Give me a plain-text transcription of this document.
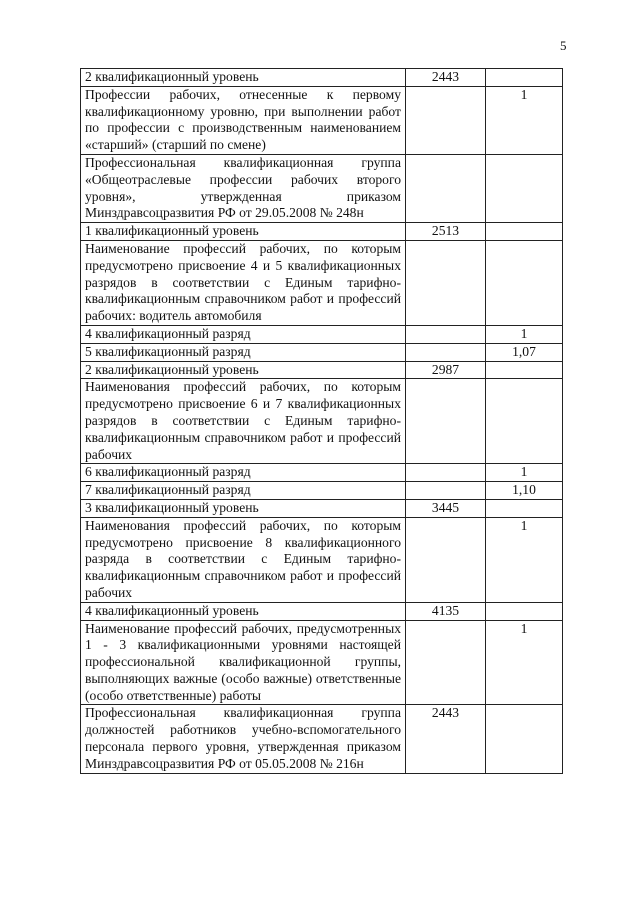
5
2 квалификационный уровень	2443	
Профессии рабочих, отнесенные к первому квалификационному уровню, при выполнении работ по профессии с производственным наименованием «старший» (старший по смене)		1
Профессиональная квалификационная группа «Общеотраслевые профессии рабочих второго уровня», утвержденная приказом Минздравсоцразвития РФ от 29.05.2008 № 248н		
1 квалификационный уровень	2513	
Наименование профессий рабочих, по которым предусмотрено присвоение 4 и 5 квалификационных разрядов в соответствии с Единым тарифно-квалификационным справочником работ и профессий рабочих: водитель автомобиля		
4 квалификационный разряд		1
5 квалификационный разряд		1,07
2 квалификационный уровень	2987	
Наименования профессий рабочих, по которым предусмотрено присвоение 6 и 7 квалификационных разрядов в соответствии с Единым тарифно-квалификационным справочником работ и профессий рабочих		
6 квалификационный разряд		1
7 квалификационный разряд		1,10
3 квалификационный уровень	3445	
Наименования профессий рабочих, по которым предусмотрено присвоение 8 квалификационного разряда в соответствии с Единым тарифно-квалификационным справочником работ и профессий рабочих		1
4 квалификационный уровень	4135	
Наименование профессий рабочих, предусмотренных 1 - 3 квалификационными уровнями настоящей профессиональной квалификационной группы, выполняющих важные (особо важные) ответственные (особо ответственные) работы		1
Профессиональная квалификационная группа должностей работников учебно-вспомогательного персонала первого уровня, утвержденная приказом Минздравсоцразвития РФ от 05.05.2008 № 216н	2443	
